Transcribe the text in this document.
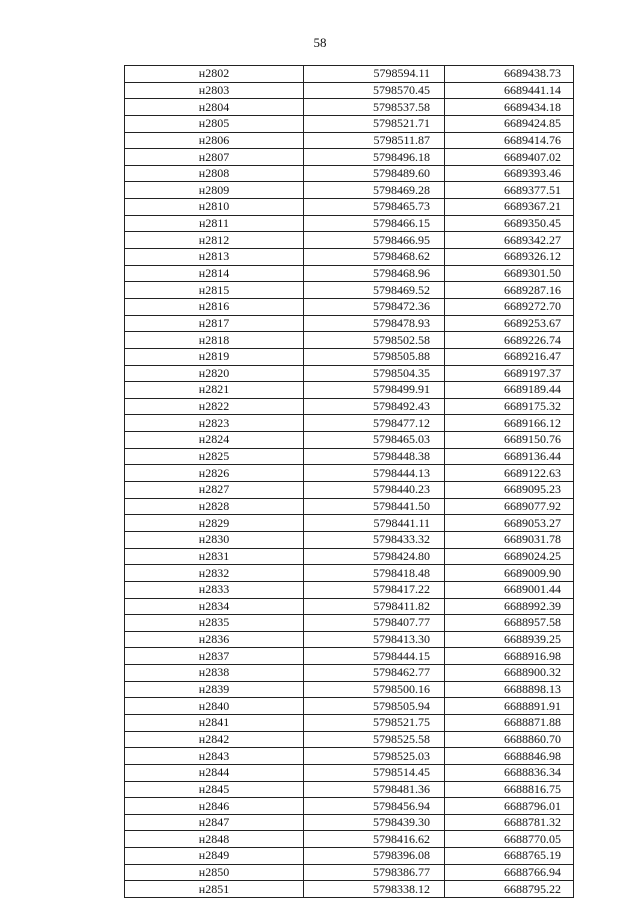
58
н2802	5798594.11	6689438.73
н2803	5798570.45	6689441.14
н2804	5798537.58	6689434.18
н2805	5798521.71	6689424.85
н2806	5798511.87	6689414.76
н2807	5798496.18	6689407.02
н2808	5798489.60	6689393.46
н2809	5798469.28	6689377.51
н2810	5798465.73	6689367.21
н2811	5798466.15	6689350.45
н2812	5798466.95	6689342.27
н2813	5798468.62	6689326.12
н2814	5798468.96	6689301.50
н2815	5798469.52	6689287.16
н2816	5798472.36	6689272.70
н2817	5798478.93	6689253.67
н2818	5798502.58	6689226.74
н2819	5798505.88	6689216.47
н2820	5798504.35	6689197.37
н2821	5798499.91	6689189.44
н2822	5798492.43	6689175.32
н2823	5798477.12	6689166.12
н2824	5798465.03	6689150.76
н2825	5798448.38	6689136.44
н2826	5798444.13	6689122.63
н2827	5798440.23	6689095.23
н2828	5798441.50	6689077.92
н2829	5798441.11	6689053.27
н2830	5798433.32	6689031.78
н2831	5798424.80	6689024.25
н2832	5798418.48	6689009.90
н2833	5798417.22	6689001.44
н2834	5798411.82	6688992.39
н2835	5798407.77	6688957.58
н2836	5798413.30	6688939.25
н2837	5798444.15	6688916.98
н2838	5798462.77	6688900.32
н2839	5798500.16	6688898.13
н2840	5798505.94	6688891.91
н2841	5798521.75	6688871.88
н2842	5798525.58	6688860.70
н2843	5798525.03	6688846.98
н2844	5798514.45	6688836.34
н2845	5798481.36	6688816.75
н2846	5798456.94	6688796.01
н2847	5798439.30	6688781.32
н2848	5798416.62	6688770.05
н2849	5798396.08	6688765.19
н2850	5798386.77	6688766.94
н2851	5798338.12	6688795.22
